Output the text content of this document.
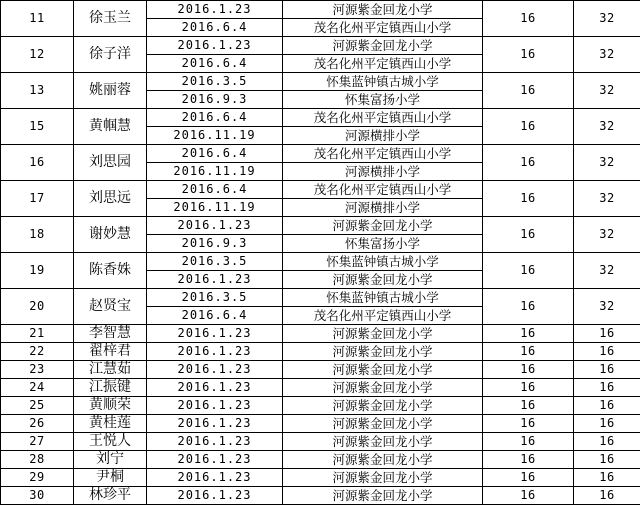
11	徐玉兰	2016.1.23	河源紫金回龙小学	16	32
		2016.6.4	茂名化州平定镇西山小学		
12	徐子洋	2016.1.23	河源紫金回龙小学	16	32
		2016.6.4	茂名化州平定镇西山小学		
13	姚丽蓉	2016.3.5	怀集蓝钟镇古城小学	16	32
		2016.9.3	怀集富扬小学		
15	黄帼慧	2016.6.4	茂名化州平定镇西山小学	16	32
		2016.11.19	河源横排小学		
16	刘思园	2016.6.4	茂名化州平定镇西山小学	16	32
		2016.11.19	河源横排小学		
17	刘思远	2016.6.4	茂名化州平定镇西山小学	16	32
		2016.11.19	河源横排小学		
18	谢妙慧	2016.1.23	河源紫金回龙小学	16	32
		2016.9.3	怀集富扬小学		
19	陈香姝	2016.3.5	怀集蓝钟镇古城小学	16	32
		2016.1.23	河源紫金回龙小学		
20	赵贤宝	2016.3.5	怀集蓝钟镇古城小学	16	32
		2016.6.4	茂名化州平定镇西山小学		
21	李智慧	2016.1.23	河源紫金回龙小学	16	16
22	翟梓君	2016.1.23	河源紫金回龙小学	16	16
23	江慧茹	2016.1.23	河源紫金回龙小学	16	16
24	江振键	2016.1.23	河源紫金回龙小学	16	16
25	黄顺荣	2016.1.23	河源紫金回龙小学	16	16
26	黄桂莲	2016.1.23	河源紫金回龙小学	16	16
27	王悦人	2016.1.23	河源紫金回龙小学	16	16
28	刘宁	2016.1.23	河源紫金回龙小学	16	16
29	尹桐	2016.1.23	河源紫金回龙小学	16	16
30	林珍平	2016.1.23	河源紫金回龙小学	16	16
